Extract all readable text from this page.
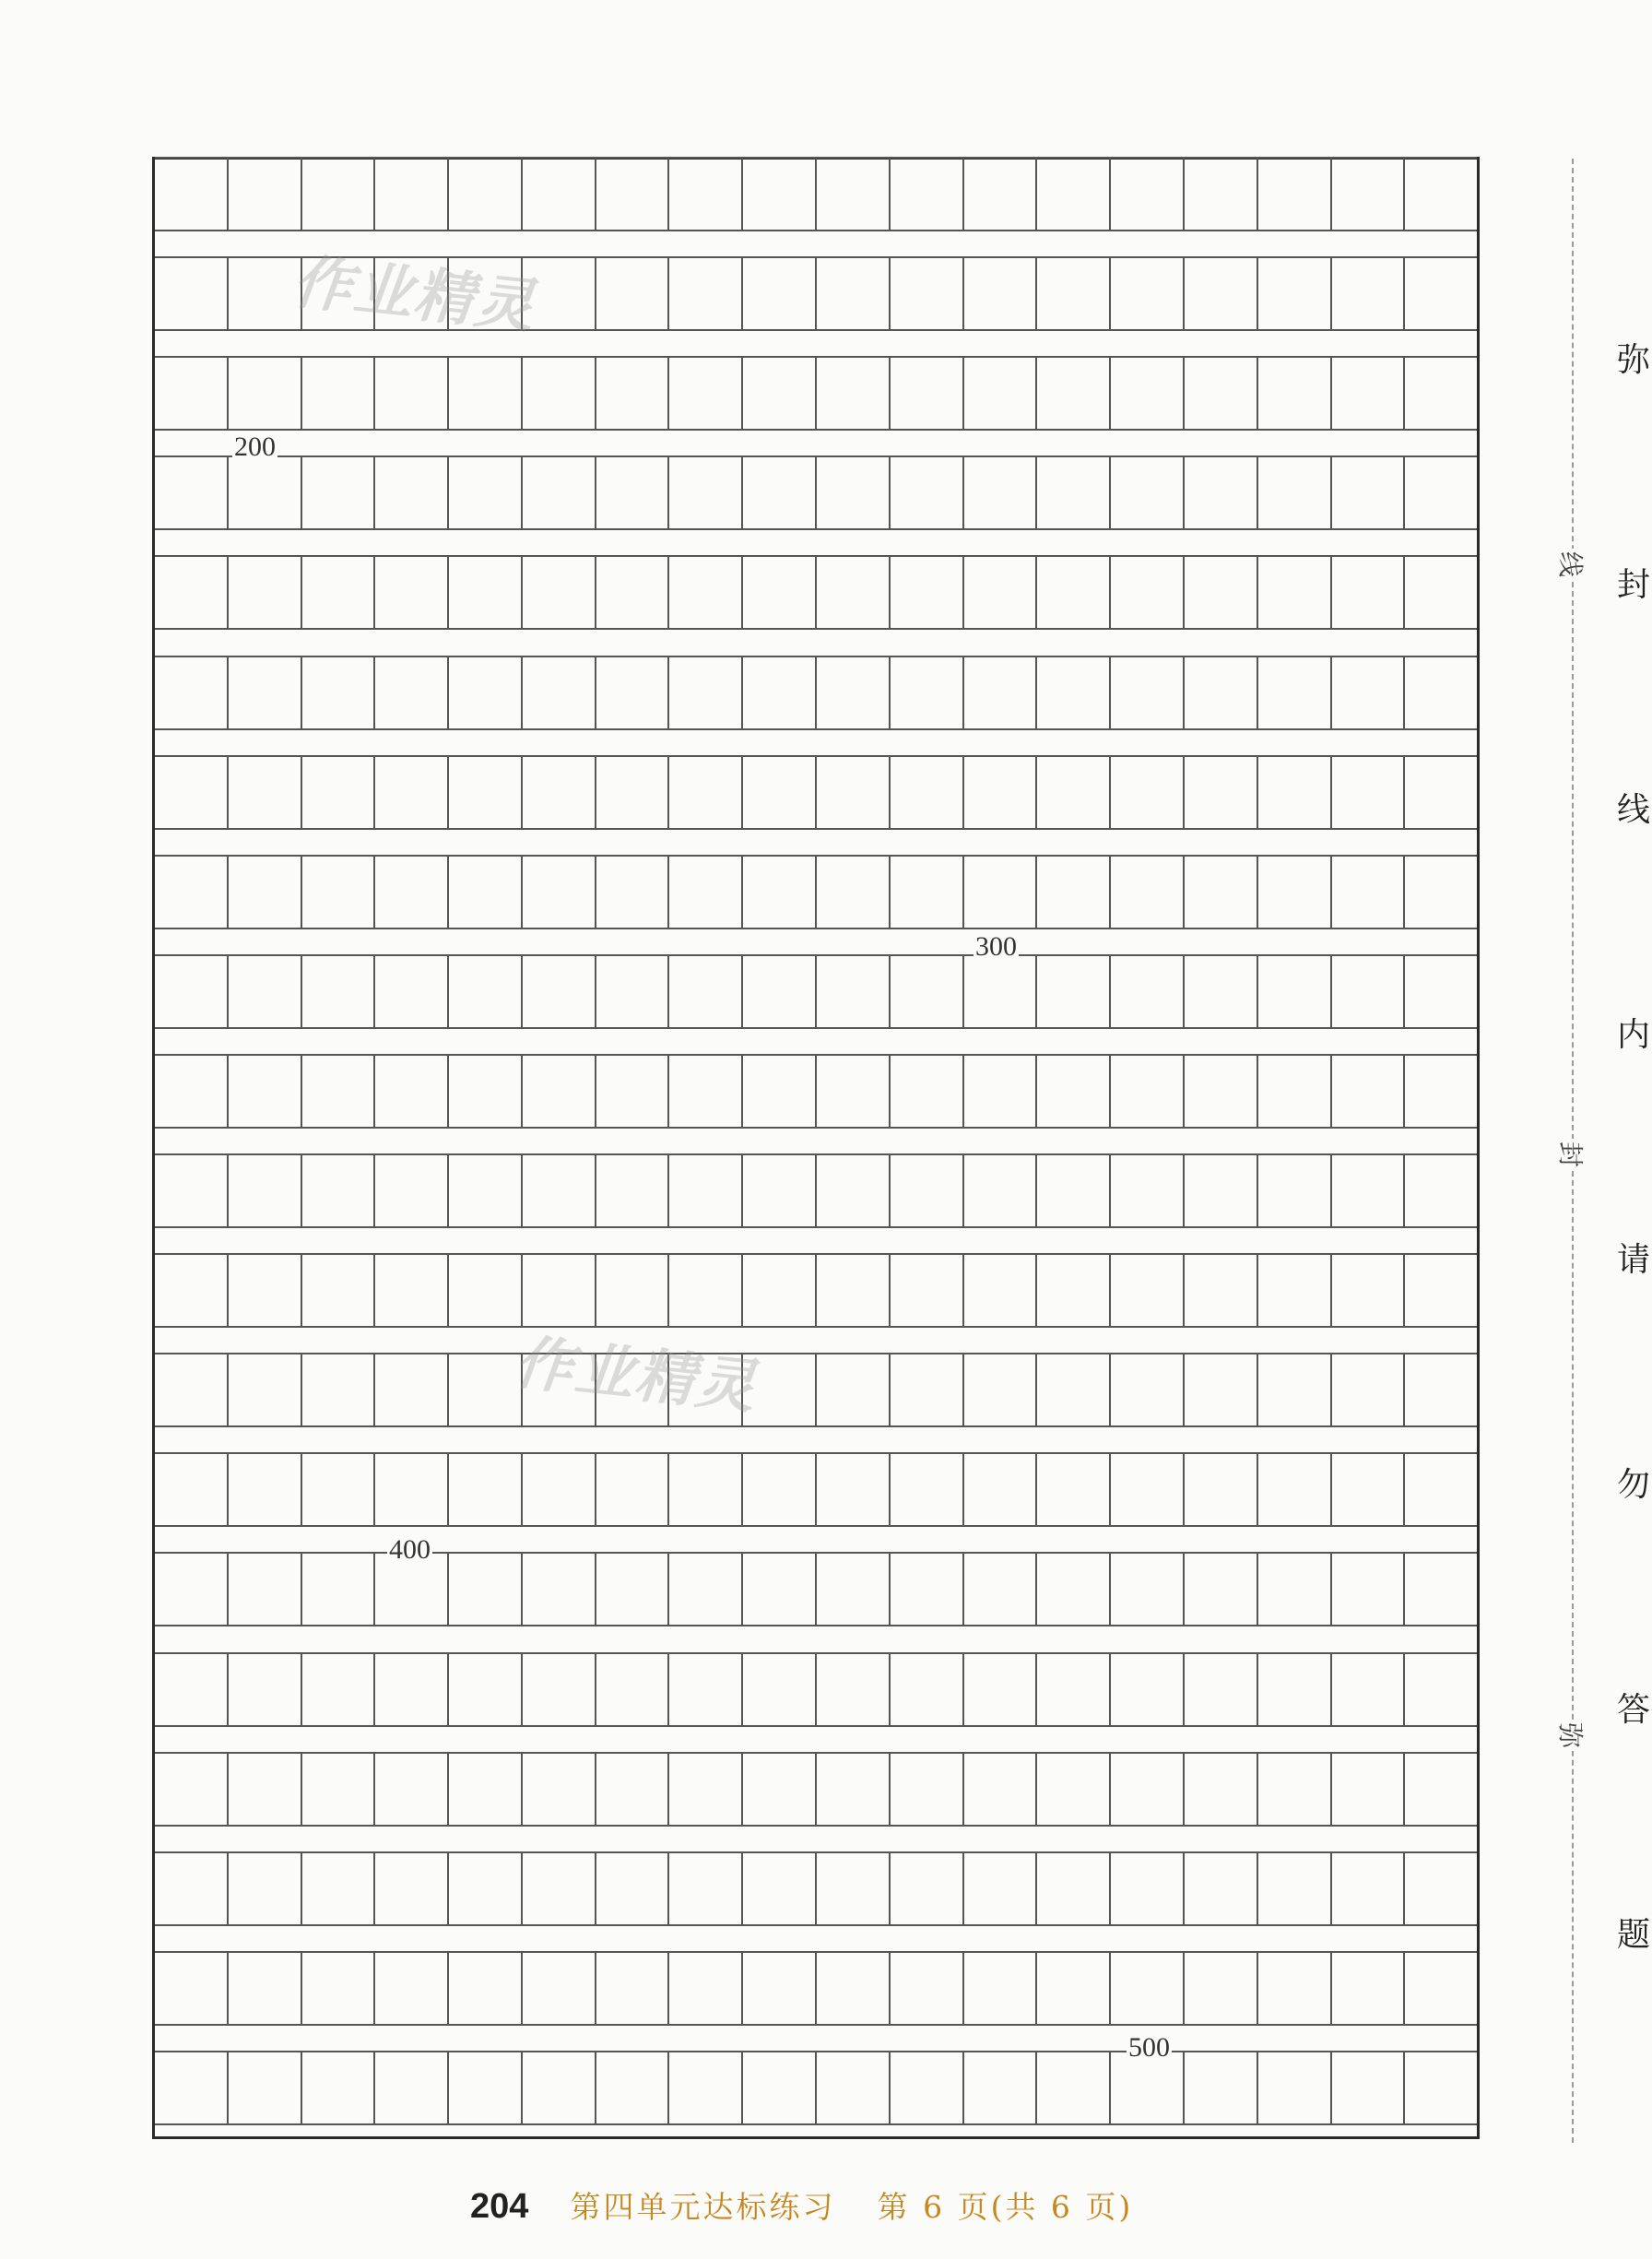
200
300
400
500
作业精灵
作业精灵
线
封
弥
弥
封
线
内
请
勿
答
题
204 第四单元达标练习 第 6 页(共 6 页)
